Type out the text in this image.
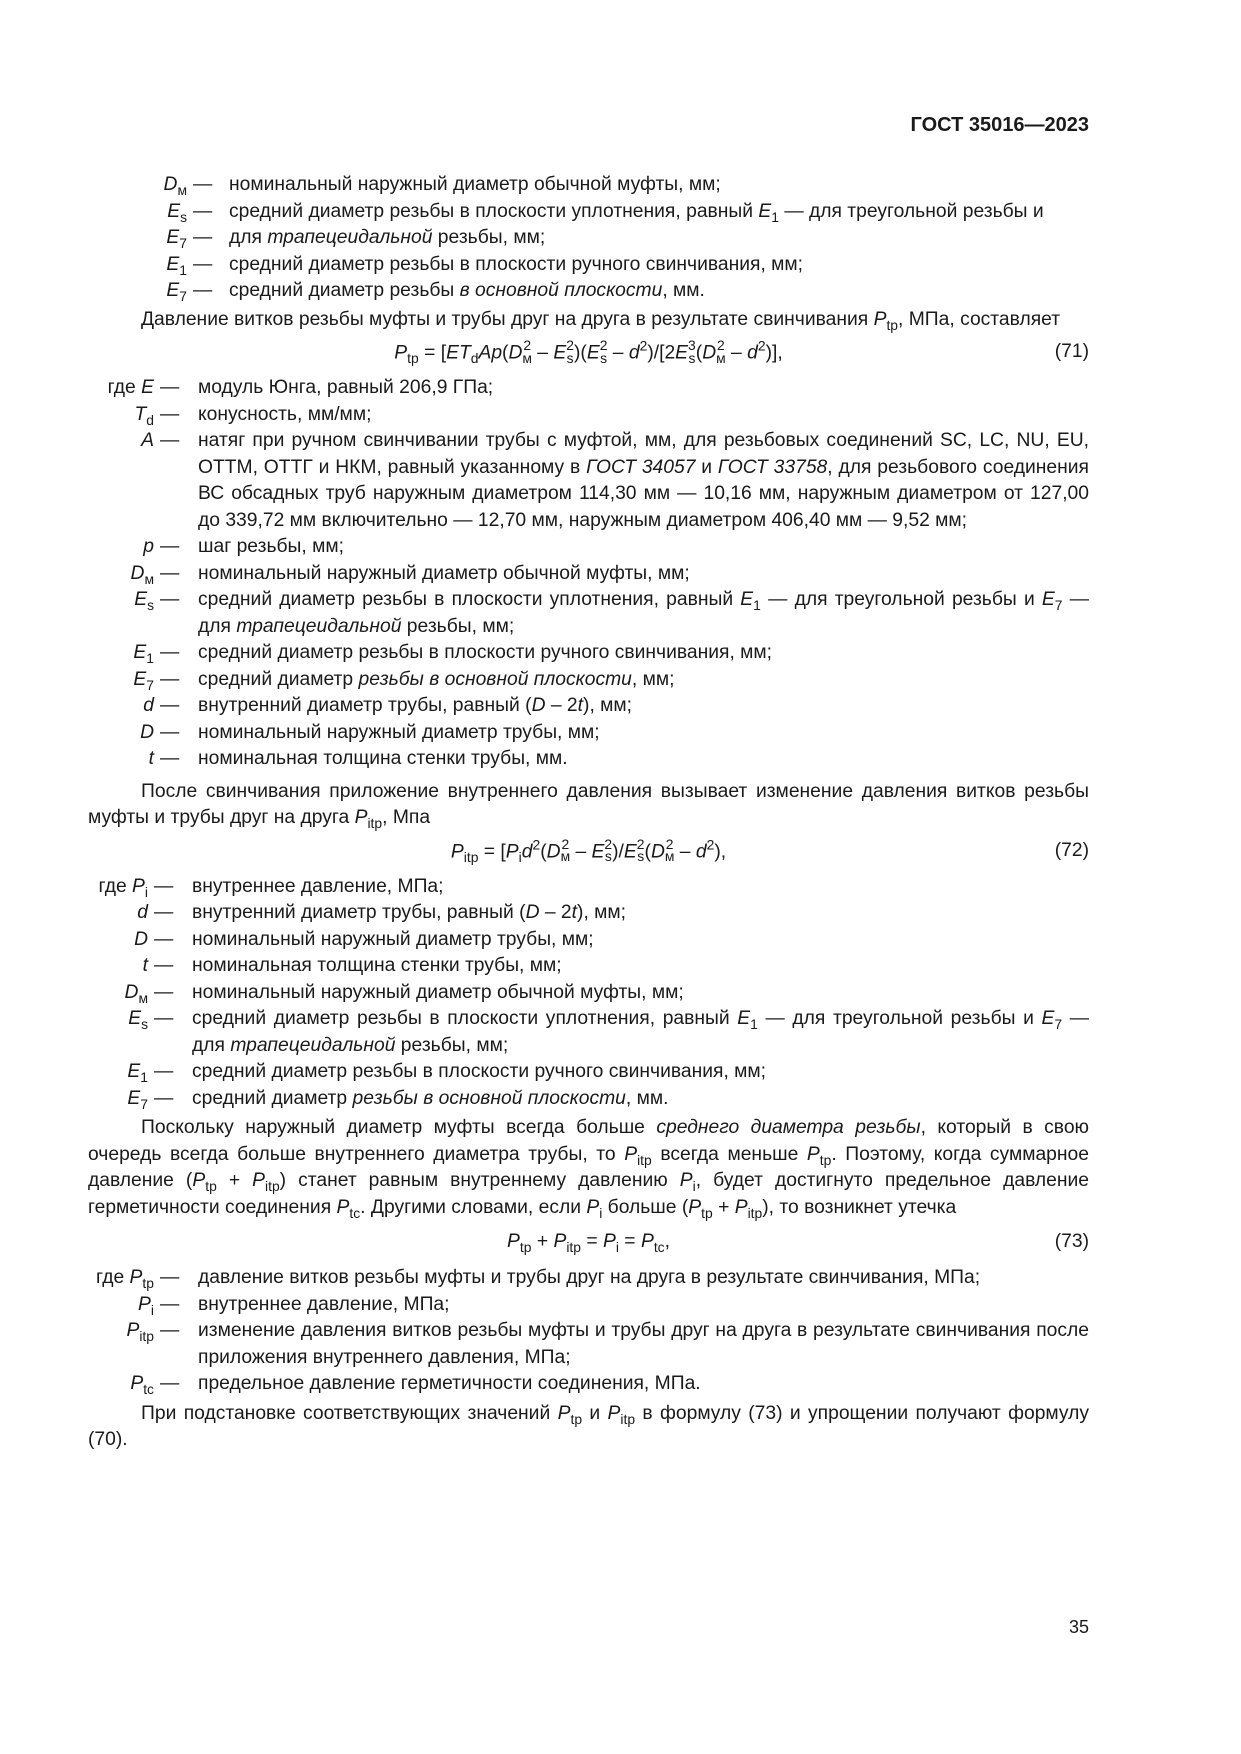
ГОСТ 35016—2023
$D_м$ — номинальный наружный диаметр обычной муфты, мм;
$E_s$ — средний диаметр резьбы в плоскости уплотнения, равный $E_1$ — для треугольной резьбы и
$E_7$ — для трапецеидальной резьбы, мм;
$E_1$ — средний диаметр резьбы в плоскости ручного свинчивания, мм;
$E_7$ — средний диаметр резьбы в основной плоскости, мм.

Давление витков резьбы муфты и трубы друг на друга в результате свинчивания $P_{tp}$, МПа, составляет

$P_{tp} = [ET_dAp(D2$
м – E2
s)(E2
s – $d^2)/[2E3$
s(D2
м – $d^2$)],	(71)
где E — модуль Юнга, равный 206,9 ГПа;
$T_d$ — конусность, мм/мм;
A — натяг при ручном свинчивании трубы с муфтой, мм, для резьбовых соединений SC, LC, NU, EU, ОТТМ, ОТТГ и НКМ, равный указанному в ГОСТ 34057 и ГОСТ 33758, для резьбового соединения ВС обсадных труб наружным диаметром 114,30 мм — 10,16 мм, наружным диаметром от 127,00 до 339,72 мм включительно — 12,70 мм, наружным диаметром 406,40 мм — 9,52 мм;
p — шаг резьбы, мм;
$D_м$ — номинальный наружный диаметр обычной муфты, мм;
$E_s$ — средний диаметр резьбы в плоскости уплотнения, равный $E_1$ — для треугольной резьбы и $E_7$ — для трапецеидальной резьбы, мм;
$E_1$ — средний диаметр резьбы в плоскости ручного свинчивания, мм;
$E_7$ — средний диаметр резьбы в основной плоскости, мм;
d — внутренний диаметр трубы, равный (D – 2t), мм;
D — номинальный наружный диаметр трубы, мм;
t — номинальная толщина стенки трубы, мм.

После свинчивания приложение внутреннего давления вызывает изменение давления витков резьбы муфты и трубы друг на друга $P_{itp}$, Мпа

$P_{itp} = [P_id^2(D2$
м – E2
s)/E2
s(D2
м – $d^2$),	(72)
где $P_i$ — внутреннее давление, МПа;
d — внутренний диаметр трубы, равный (D – 2t), мм;
D — номинальный наружный диаметр трубы, мм;
t — номинальная толщина стенки трубы, мм;
$D_м$ — номинальный наружный диаметр обычной муфты, мм;
$E_s$ — средний диаметр резьбы в плоскости уплотнения, равный $E_1$ — для треугольной резьбы и $E_7$ — для трапецеидальной резьбы, мм;
$E_1$ — средний диаметр резьбы в плоскости ручного свинчивания, мм;
$E_7$ — средний диаметр резьбы в основной плоскости, мм.

Поскольку наружный диаметр муфты всегда больше среднего диаметра резьбы, который в свою очередь всегда больше внутреннего диаметра трубы, то $P_{itp}$ всегда меньше $P_{tp}$. Поэтому, когда суммарное давление $(P_{tp} + P_{itp})$ станет равным внутреннему давлению $P_i$, будет достигнуто предельное давление герметичности соединения $P_{tc}$. Другими словами, если $P_i$ больше $(P_{tp} + P_{itp})$, то возникнет утечка

$P_{tp} + P_{itp} = P_i = P_{tc}$,	(73)
где $P_{tp}$ — давление витков резьбы муфты и трубы друг на друга в результате свинчивания, МПа;
$P_i$ — внутреннее давление, МПа;
$P_{itp}$ — изменение давления витков резьбы муфты и трубы друг на друга в результате свинчивания после приложения внутреннего давления, МПа;
$P_{tc}$ — предельное давление герметичности соединения, МПа.

При подстановке соответствующих значений $P_{tp}$ и $P_{itp}$ в формулу (73) и упрощении получают формулу (70).

35
